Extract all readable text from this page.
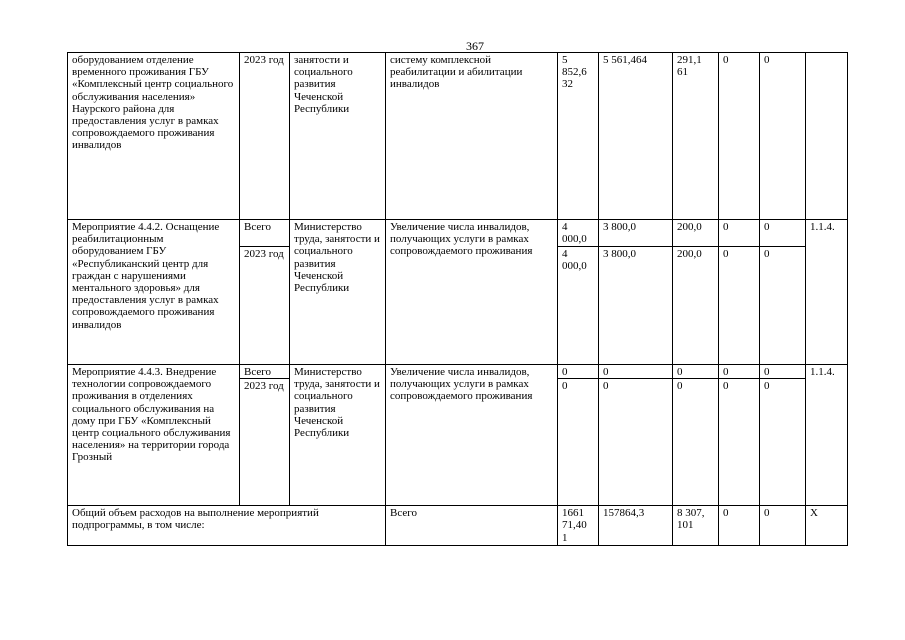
367
оборудованием отделение временного проживания ГБУ «Комплексный центр социального обслуживания населения» Наурского района для предоставления услуг в рамках сопровождаемого проживания инвалидов	2023 год	занятости и социального развития Чеченской Республики	систему комплексной реабилитации и абилитации инвалидов	5 852,6 32	5 561,464	291,1 61	0	0	
Мероприятие 4.4.2. Оснащение реабилитационным оборудованием ГБУ «Республиканский центр для граждан с нарушениями ментального здоровья» для предоставления услуг в рамках сопровождаемого проживания инвалидов	Всего	Министерство труда, занятости и социального развития Чеченской Республики	Увеличение числа инвалидов, получающих услуги в рамках сопровождаемого проживания	4 000,0	3 800,0	200,0	0	0	1.1.4.
	2023 год			4 000,0	3 800,0	200,0	0	0	
Мероприятие 4.4.3. Внедрение технологии сопровождаемого проживания в отделениях социального обслуживания на дому при ГБУ «Комплексный центр социального обслуживания населения» на территории города Грозный	Всего	Министерство труда, занятости и социального развития Чеченской Республики	Увеличение числа инвалидов, получающих услуги в рамках сопровождаемого проживания	0	0	0	0	0	1.1.4.
	2023 год			0	0	0	0	0	
Общий объем расходов на выполнение мероприятий подпрограммы, в том числе:			Всего	1661 71,40 1	157864,3	8 307, 101	0	0	Х
